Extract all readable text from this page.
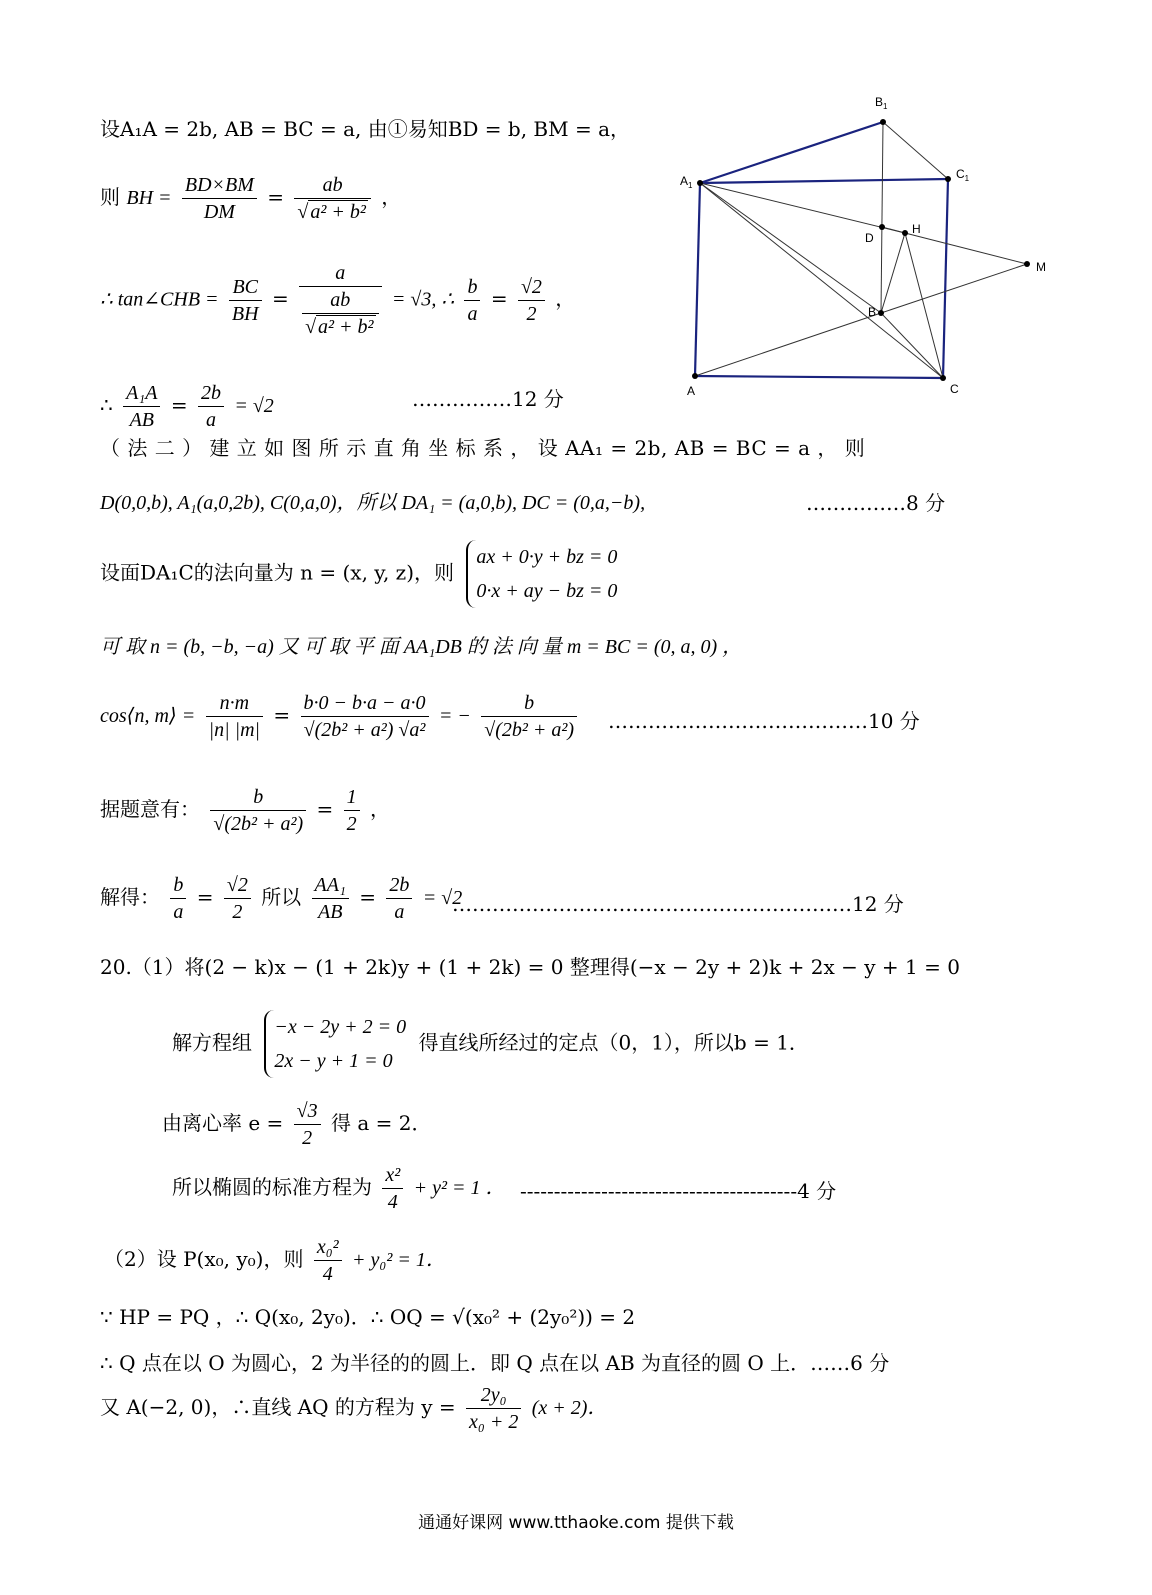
设A₁A = 2b, AB = BC = a, 由①易知BD = b, BM = a，
则 BH = $\frac{BD\times BM}{DM} = \frac{ab}{\text{√ a² + b²}}$ ，
∴ tan∠CHB = $\frac{BC}{BH} = \frac{a}{\frac{ab}{\text{√ a² + b²}}} = √3$, ∴ $\frac{b}{a} = \frac{√2}{2}$ ，
∴ $\frac{\text{A₁A}}{AB} = \frac{2b}{a} = √2$	……………12 分
（ 法 二 ） 建 立 如 图 所 示 直 角 坐 标 系 ， 设 AA₁ = 2b, AB = BC = a ， 则
D(0,0,b), A₁(a,0,2b), C(0,a,0)，所以 DA₁ = (a,0,b), DC = (0,a,−b),	……………8 分
设面DA₁C的法向量为 n = (x, y, z)，则
ax + 0·y + bz = 0
0·x + ay − bz = 0
可 取 n = (b, −b, −a) 又 可 取 平 面 AA₁DB 的 法 向 量 m = BC = (0, a, 0) ，
cos⟨n, m⟩ = $\frac{n\cdot m}{|n| |m|} = \frac{b\cdot 0 - b\cdot a - a\cdot 0}{\text{√(2b² + a²) √a²}}$ = − $\frac{b}{\text{√(2b² + a²)}}$ …………………………………10 分
据题意有： $\frac{b}{\text{√(2b² + a²)}} = \frac{1}{2}$ ，
解得： $\frac{b}{a} = \frac{√2}{2}$ 所以 $\frac{\text{AA₁}}{AB} = \frac{2b}{a} = √2$
……………………………………………………12 分
20.（1）将(2 − k)x − (1 + 2k)y + (1 + 2k) = 0 整理得(−x − 2y + 2)k + 2x − y + 1 = 0
解方程组
−x − 2y + 2 = 0
2x − y + 1 = 0
得直线所经过的定点（0，1），所以b = 1．
由离心率 $e = \frac{√3}{2}$ 得 a = 2．
所以椭圆的标准方程为 $\frac{\text{x²}}{4} + y^2 = 1$ ． -----------------------------------------4 分
（2）设 P(x₀, y₀)，则 $\frac{\text{x₀²}}{4} + y_0^2 = 1$．
∵ HP = PQ ，∴ Q(x₀, 2y₀)．∴ OQ = √(x₀² + (2y₀²)) = 2
∴ Q 点在以 O 为圆心，2 为半径的的圆上．即 Q 点在以 AB 为直径的圆 O 上．……6 分
又 A(−2, 0)，∴直线 AQ 的方程为 $y = \frac{\text{2y₀}}{\text{x₀ + 2}} (x + 2)$．
$B_1$
$C_1$
$A_1$
D
H
M
B
A	C
通通好课网 www.tthaoke.com 提供下载
